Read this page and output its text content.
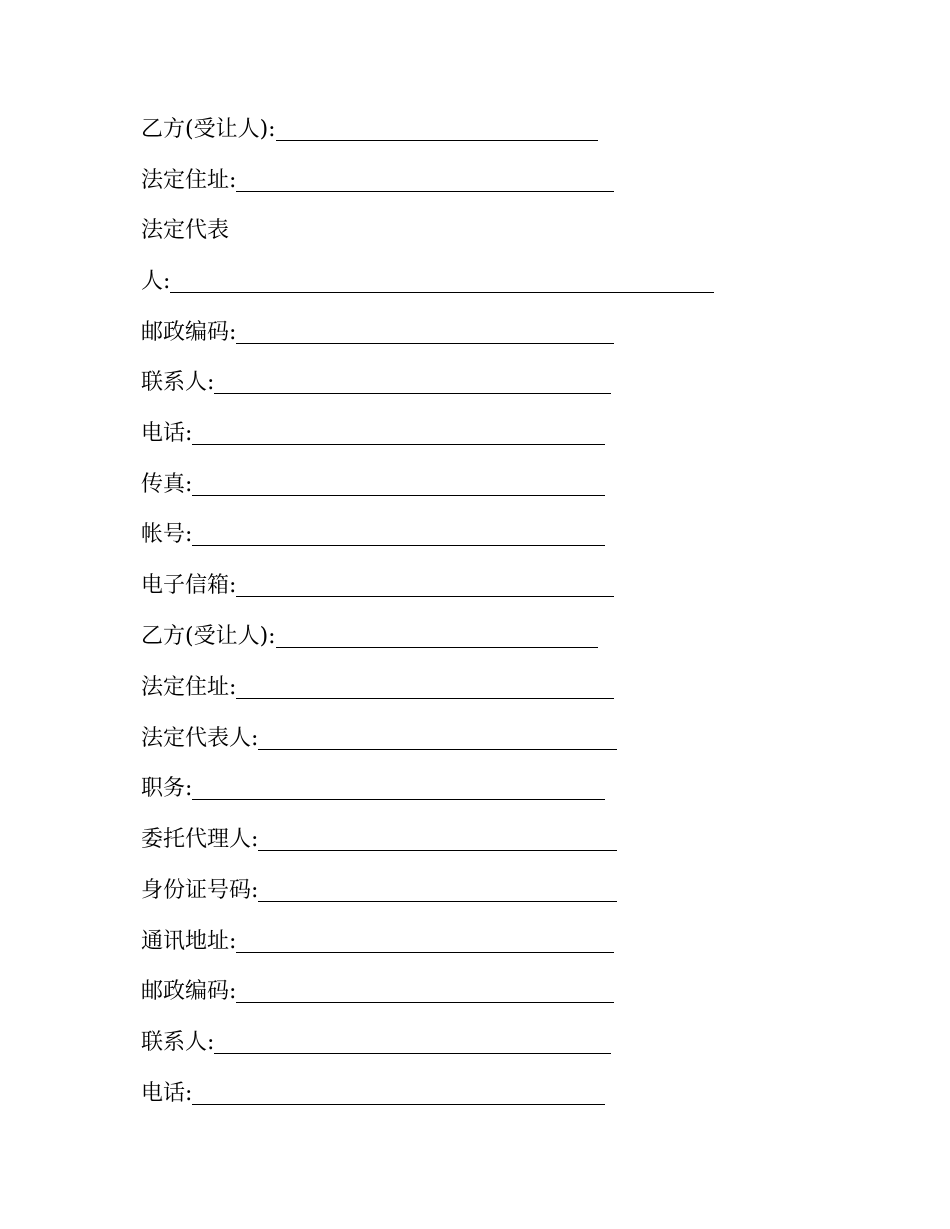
乙方(受让人):
法定住址:
法定代表
人:
邮政编码:
联系人:
电话:
传真:
帐号:
电子信箱:
乙方(受让人):
法定住址:
法定代表人:
职务:
委托代理人:
身份证号码:
通讯地址:
邮政编码:
联系人:
电话:
